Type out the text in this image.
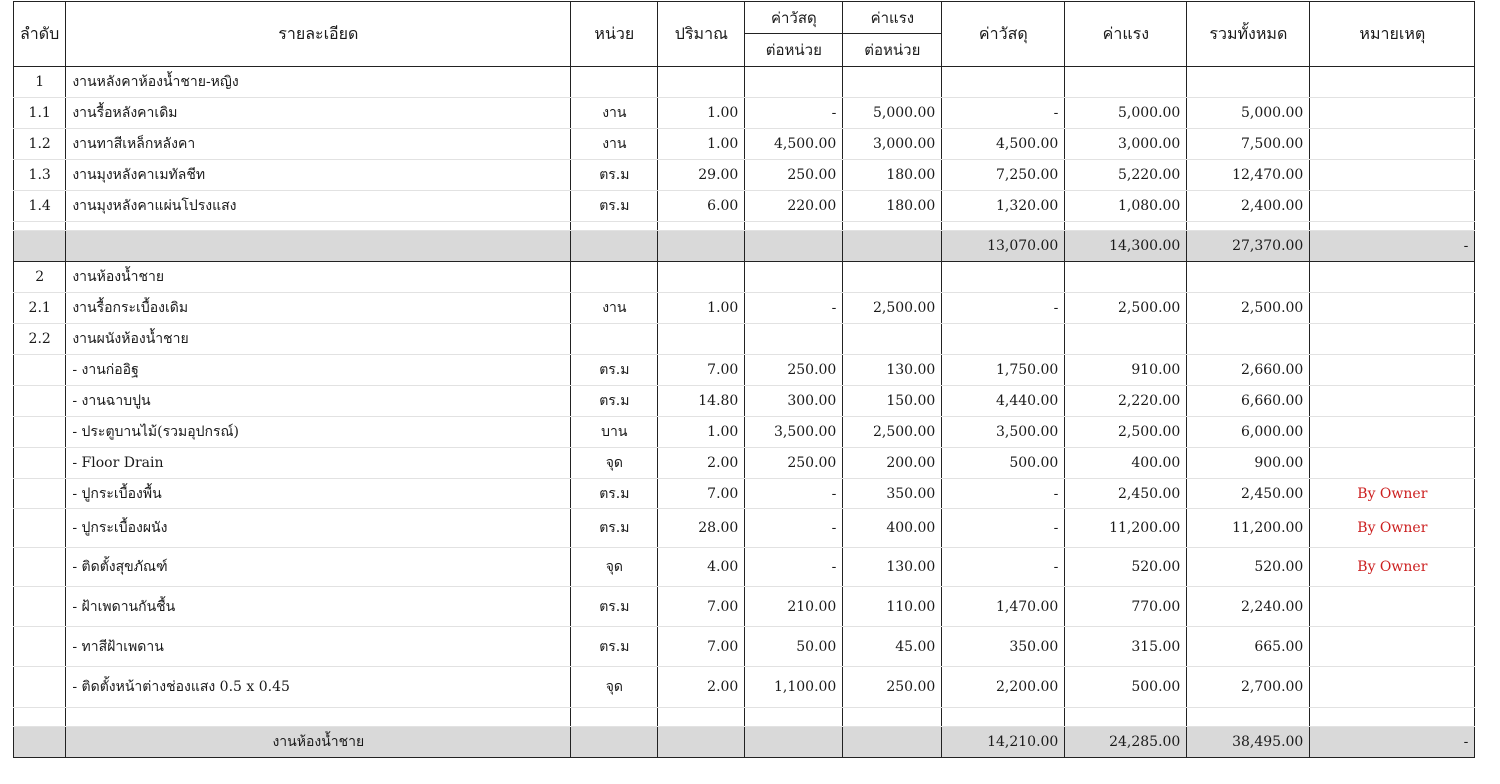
ลำดับ	รายละเอียด	หน่วย	ปริมาณ	ค่าวัสดุ	ค่าแรง	ค่าวัสดุ	ค่าแรง	รวมทั้งหมด	หมายเหตุ
				ต่อหน่วย	ต่อหน่วย				
1	งานหลังคาห้องน้ำชาย-หญิง								
1.1	งานรื้อหลังคาเดิม	งาน	1.00	-	5,000.00	-	5,000.00	5,000.00	
1.2	งานทาสีเหล็กหลังคา	งาน	1.00	4,500.00	3,000.00	4,500.00	3,000.00	7,500.00	
1.3	งานมุงหลังคาเมทัลชีท	ตร.ม	29.00	250.00	180.00	7,250.00	5,220.00	12,470.00	
1.4	งานมุงหลังคาแผ่นโปรงแสง	ตร.ม	6.00	220.00	180.00	1,320.00	1,080.00	2,400.00	

						13,070.00	14,300.00	27,370.00	-
2	งานห้องน้ำชาย								
2.1	งานรื้อกระเบื้องเดิม	งาน	1.00	-	2,500.00	-	2,500.00	2,500.00	
2.2	งานผนังห้องน้ำชาย								
	- งานก่ออิฐ	ตร.ม	7.00	250.00	130.00	1,750.00	910.00	2,660.00	
	- งานฉาบปูน	ตร.ม	14.80	300.00	150.00	4,440.00	2,220.00	6,660.00	
	- ประตูบานไม้(รวมอุปกรณ์)	บาน	1.00	3,500.00	2,500.00	3,500.00	2,500.00	6,000.00	
	- Floor Drain	จุด	2.00	250.00	200.00	500.00	400.00	900.00	
	- ปูกระเบื้องพื้น	ตร.ม	7.00	-	350.00	-	2,450.00	2,450.00	By Owner
	- ปูกระเบื้องผนัง	ตร.ม	28.00	-	400.00	-	11,200.00	11,200.00	By Owner
	- ติดตั้งสุขภัณฑ์	จุด	4.00	-	130.00	-	520.00	520.00	By Owner
	- ฝ้าเพดานกันชื้น	ตร.ม	7.00	210.00	110.00	1,470.00	770.00	2,240.00	
	- ทาสีฝ้าเพดาน	ตร.ม	7.00	50.00	45.00	350.00	315.00	665.00	
	- ติดตั้งหน้าต่างช่องแสง 0.5 x 0.45	จุด	2.00	1,100.00	250.00	2,200.00	500.00	2,700.00	

	งานห้องน้ำชาย					14,210.00	24,285.00	38,495.00	-
